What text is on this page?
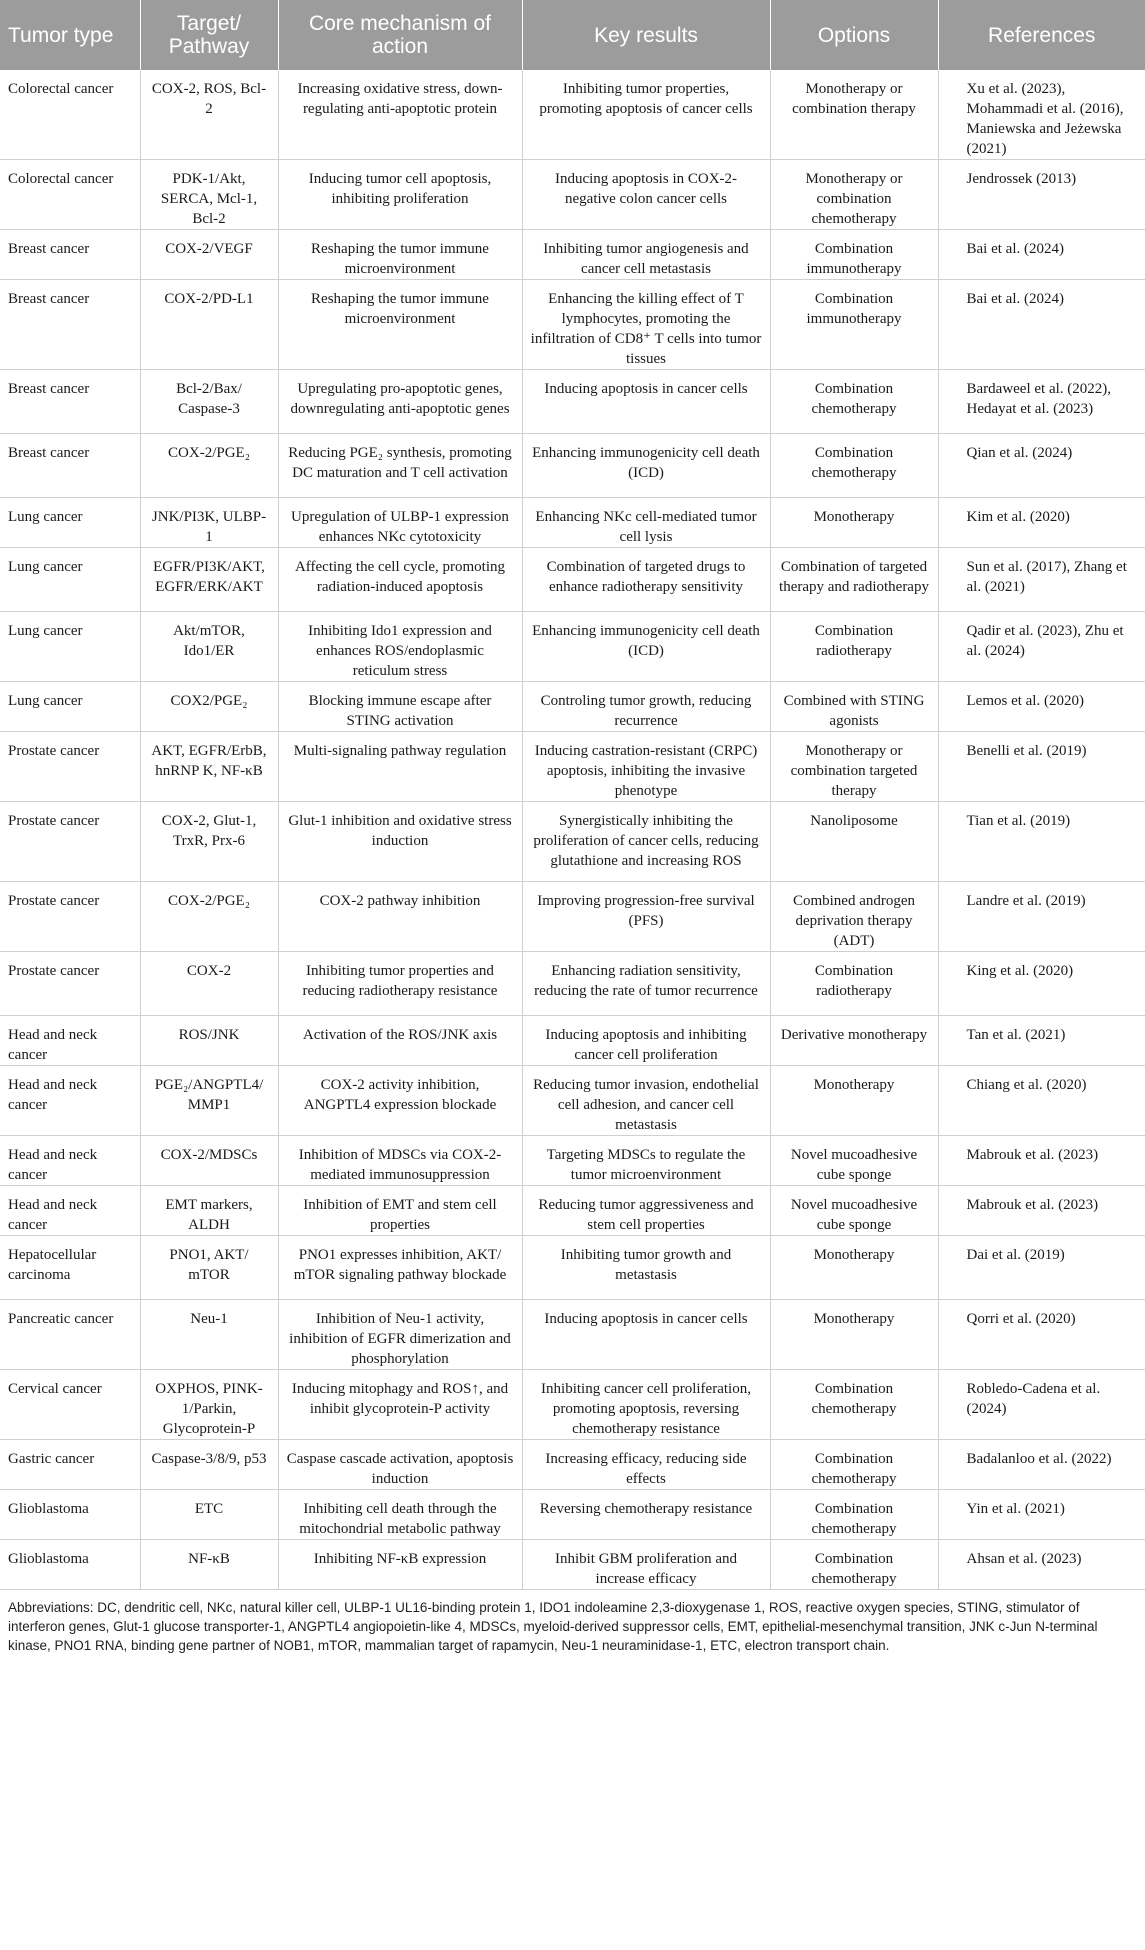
Tumor type	Target/ Pathway	Core mechanism of action	Key results	Options	References
Colorectal cancer	COX-2, ROS, Bcl-2	Increasing oxidative stress, down-regulating anti-apoptotic protein	Inhibiting tumor properties, promoting apoptosis of cancer cells	Monotherapy or combination therapy	Xu et al. (2023), Mohammadi et al. (2016), Maniewska and Jeżewska (2021)
Colorectal cancer	PDK-1/Akt, SERCA, Mcl-1, Bcl-2	Inducing tumor cell apoptosis, inhibiting proliferation	Inducing apoptosis in COX-2-negative colon cancer cells	Monotherapy or combination chemotherapy	Jendrossek (2013)
Breast cancer	COX-2/VEGF	Reshaping the tumor immune microenvironment	Inhibiting tumor angiogenesis and cancer cell metastasis	Combination immunotherapy	Bai et al. (2024)
Breast cancer	COX-2/PD-L1	Reshaping the tumor immune microenvironment	Enhancing the killing effect of T lymphocytes, promoting the infiltration of CD8⁺ T cells into tumor tissues	Combination immunotherapy	Bai et al. (2024)
Breast cancer	Bcl-2/Bax/ Caspase-3	Upregulating pro-apoptotic genes, downregulating anti-apoptotic genes	Inducing apoptosis in cancer cells	Combination chemotherapy	Bardaweel et al. (2022), Hedayat et al. (2023)
Breast cancer	COX-2/PGE₂	Reducing PGE₂ synthesis, promoting DC maturation and T cell activation	Enhancing immunogenicity cell death (ICD)	Combination chemotherapy	Qian et al. (2024)
Lung cancer	JNK/PI3K, ULBP-1	Upregulation of ULBP-1 expression enhances NKc cytotoxicity	Enhancing NKc cell-mediated tumor cell lysis	Monotherapy	Kim et al. (2020)
Lung cancer	EGFR/PI3K/AKT, EGFR/ERK/AKT	Affecting the cell cycle, promoting radiation-induced apoptosis	Combination of targeted drugs to enhance radiotherapy sensitivity	Combination of targeted therapy and radiotherapy	Sun et al. (2017), Zhang et al. (2021)
Lung cancer	Akt/mTOR, Ido1/ER	Inhibiting Ido1 expression and enhances ROS/endoplasmic reticulum stress	Enhancing immunogenicity cell death (ICD)	Combination radiotherapy	Qadir et al. (2023), Zhu et al. (2024)
Lung cancer	COX2/PGE₂	Blocking immune escape after STING activation	Controling tumor growth, reducing recurrence	Combined with STING agonists	Lemos et al. (2020)
Prostate cancer	AKT, EGFR/ErbB, hnRNP K, NF-κB	Multi-signaling pathway regulation	Inducing castration-resistant (CRPC) apoptosis, inhibiting the invasive phenotype	Monotherapy or combination targeted therapy	Benelli et al. (2019)
Prostate cancer	COX-2, Glut-1, TrxR, Prx-6	Glut-1 inhibition and oxidative stress induction	Synergistically inhibiting the proliferation of cancer cells, reducing glutathione and increasing ROS	Nanoliposome	Tian et al. (2019)
Prostate cancer	COX-2/PGE₂	COX-2 pathway inhibition	Improving progression-free survival (PFS)	Combined androgen deprivation therapy (ADT)	Landre et al. (2019)
Prostate cancer	COX-2	Inhibiting tumor properties and reducing radiotherapy resistance	Enhancing radiation sensitivity, reducing the rate of tumor recurrence	Combination radiotherapy	King et al. (2020)
Head and neck cancer	ROS/JNK	Activation of the ROS/JNK axis	Inducing apoptosis and inhibiting cancer cell proliferation	Derivative monotherapy	Tan et al. (2021)
Head and neck cancer	PGE₂/ANGPTL4/ MMP1	COX-2 activity inhibition, ANGPTL4 expression blockade	Reducing tumor invasion, endothelial cell adhesion, and cancer cell metastasis	Monotherapy	Chiang et al. (2020)
Head and neck cancer	COX-2/MDSCs	Inhibition of MDSCs via COX-2-mediated immunosuppression	Targeting MDSCs to regulate the tumor microenvironment	Novel mucoadhesive cube sponge	Mabrouk et al. (2023)
Head and neck cancer	EMT markers, ALDH	Inhibition of EMT and stem cell properties	Reducing tumor aggressiveness and stem cell properties	Novel mucoadhesive cube sponge	Mabrouk et al. (2023)
Hepatocellular carcinoma	PNO1, AKT/ mTOR	PNO1 expresses inhibition, AKT/ mTOR signaling pathway blockade	Inhibiting tumor growth and metastasis	Monotherapy	Dai et al. (2019)
Pancreatic cancer	Neu-1	Inhibition of Neu-1 activity, inhibition of EGFR dimerization and phosphorylation	Inducing apoptosis in cancer cells	Monotherapy	Qorri et al. (2020)
Cervical cancer	OXPHOS, PINK-1/Parkin, Glycoprotein-P	Inducing mitophagy and ROS↑, and inhibit glycoprotein-P activity	Inhibiting cancer cell proliferation, promoting apoptosis, reversing chemotherapy resistance	Combination chemotherapy	Robledo-Cadena et al. (2024)
Gastric cancer	Caspase-3/8/9, p53	Caspase cascade activation, apoptosis induction	Increasing efficacy, reducing side effects	Combination chemotherapy	Badalanloo et al. (2022)
Glioblastoma	ETC	Inhibiting cell death through the mitochondrial metabolic pathway	Reversing chemotherapy resistance	Combination chemotherapy	Yin et al. (2021)
Glioblastoma	NF-κB	Inhibiting NF-κB expression	Inhibit GBM proliferation and increase efficacy	Combination chemotherapy	Ahsan et al. (2023)
Abbreviations: DC, dendritic cell, NKc, natural killer cell, ULBP-1 UL16-binding protein 1, IDO1 indoleamine 2,3-dioxygenase 1, ROS, reactive oxygen species, STING, stimulator of interferon genes, Glut-1 glucose transporter-1, ANGPTL4 angiopoietin-like 4, MDSCs, myeloid-derived suppressor cells, EMT, epithelial-mesenchymal transition, JNK c-Jun N-terminal kinase, PNO1 RNA, binding gene partner of NOB1, mTOR, mammalian target of rapamycin, Neu-1 neuraminidase-1, ETC, electron transport chain.
